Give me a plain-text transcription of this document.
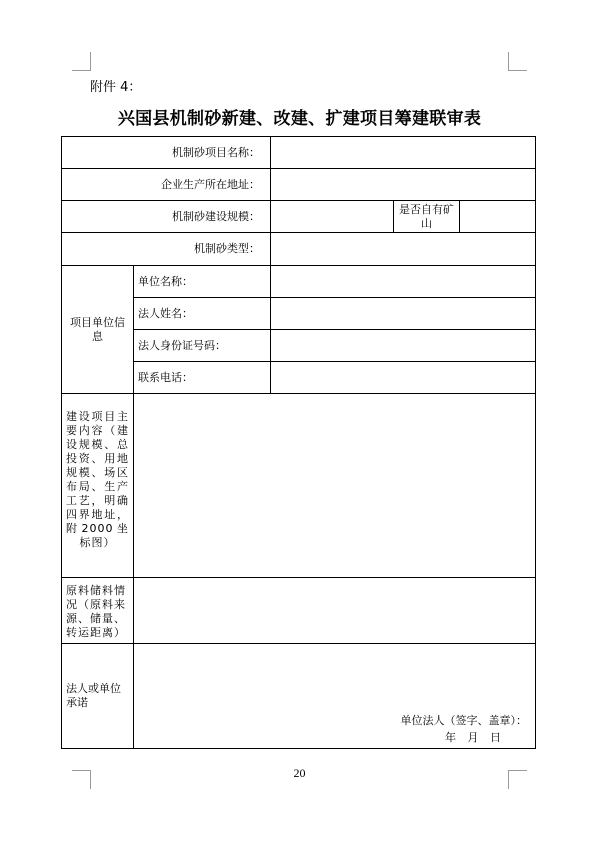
附件 4：
兴国县机制砂新建、改建、扩建项目筹建联审表
机制砂项目名称：				
企业生产所在地址：				
机制砂建设规模：			是否自有矿山	
机制砂类型：				
项目单位信息	单位名称：			
	法人姓名：			
	法人身份证号码：			
	联系电话：			
建设项目主要内容（建设规模、总投资、用地规模、场区布局、生产工艺，明确四界地址，附2000坐标图）				
原料储料情况（原料来源、储量、转运距离）				
法人或单位承诺	单位法人（签字、盖章）：
年 月 日			
20
